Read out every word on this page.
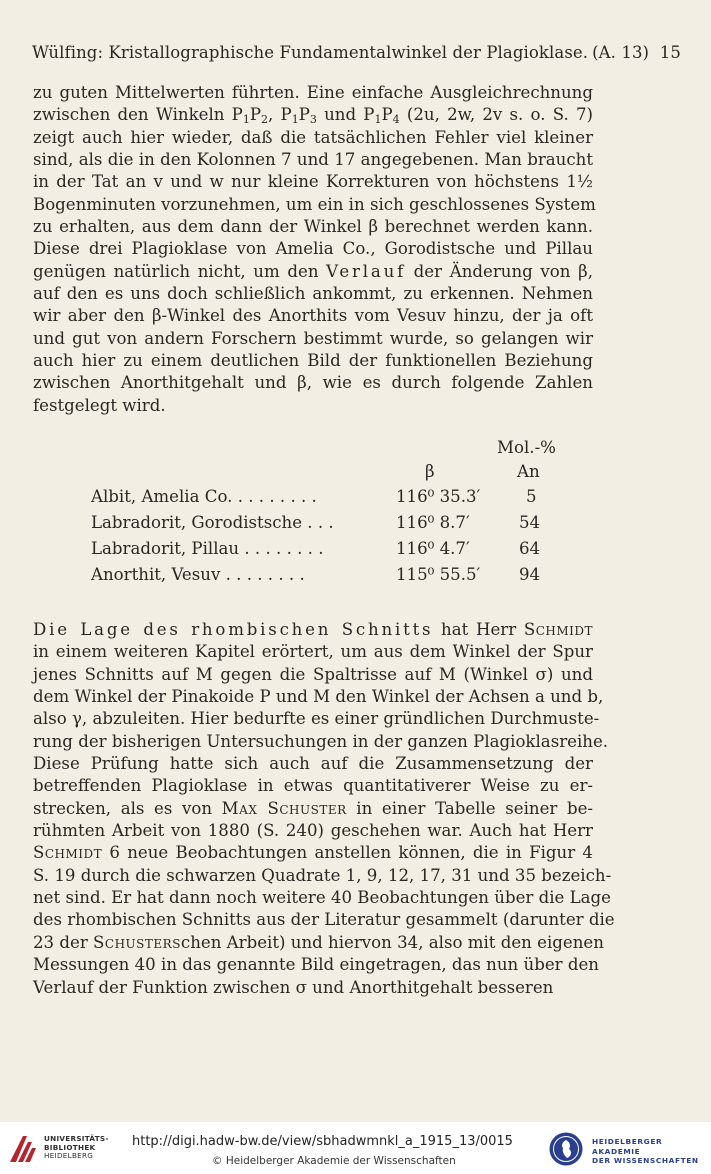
Wülfing: Kristallographische Fundamentalwinkel der Plagioklase. (A. 13) 15
zu guten Mittelwerten führten. Eine einfache Ausgleichrechnung
zwischen den Winkeln $P_1P_2$, $P_1P_3$ und $P_1P_4$ (2u, 2w, 2v s. o. S. 7)
zeigt auch hier wieder, daß die tatsächlichen Fehler viel kleiner
sind, als die in den Kolonnen 7 und 17 angegebenen. Man braucht
in der Tat an v und w nur kleine Korrekturen von höchstens 1½
Bogenminuten vorzunehmen, um ein in sich geschlossenes System
zu erhalten, aus dem dann der Winkel β berechnet werden kann.
Diese drei Plagioklase von Amelia Co., Gorodistsche und Pillau
genügen natürlich nicht, um den Verlauf der Änderung von β,
auf den es uns doch schließlich ankommt, zu erkennen. Nehmen
wir aber den β-Winkel des Anorthits vom Vesuv hinzu, der ja oft
und gut von andern Forschern bestimmt wurde, so gelangen wir
auch hier zu einem deutlichen Bild der funktionellen Beziehung
zwischen Anorthitgehalt und β, wie es durch folgende Zahlen
festgelegt wird.
Mol.-%
β	An
Albit, Amelia Co. . . . . . . . .	116⁰ 35.3′	5
Labradorit, Gorodistsche . . .	116⁰ 8.7′	54
Labradorit, Pillau . . . . . . . .	116⁰ 4.7′	64
Anorthit, Vesuv . . . . . . . .	115⁰ 55.5′ 94
Die Lage des rhombischen Schnitts hat Herr Schmidt
in einem weiteren Kapitel erörtert, um aus dem Winkel der Spur
jenes Schnitts auf M gegen die Spaltrisse auf M (Winkel σ) und
dem Winkel der Pinakoide P und M den Winkel der Achsen a und b,
also γ, abzuleiten. Hier bedurfte es einer gründlichen Durchmuste-
rung der bisherigen Untersuchungen in der ganzen Plagioklasreihe.
Diese Prüfung hatte sich auch auf die Zusammensetzung der
betreffenden Plagioklase in etwas quantitativerer Weise zu er-
strecken, als es von Max Schuster in einer Tabelle seiner be-
rühmten Arbeit von 1880 (S. 240) geschehen war. Auch hat Herr
Schmidt 6 neue Beobachtungen anstellen können, die in Figur 4
S. 19 durch die schwarzen Quadrate 1, 9, 12, 17, 31 und 35 bezeich-
net sind. Er hat dann noch weitere 40 Beobachtungen über die Lage
des rhombischen Schnitts aus der Literatur gesammelt (darunter die
23 der Schusterschen Arbeit) und hiervon 34, also mit den eigenen
Messungen 40 in das genannte Bild eingetragen, das nun über den
Verlauf der Funktion zwischen σ und Anorthitgehalt besseren
UNIVERSITÄTS-
BIBLIOTHEK
HEIDELBERG
http://digi.hadw-bw.de/view/sbhadwmnkl_a_1915_13/0015
© Heidelberger Akademie der Wissenschaften
HEIDELBERGER AKADEMIE
DER WISSENSCHAFTEN
